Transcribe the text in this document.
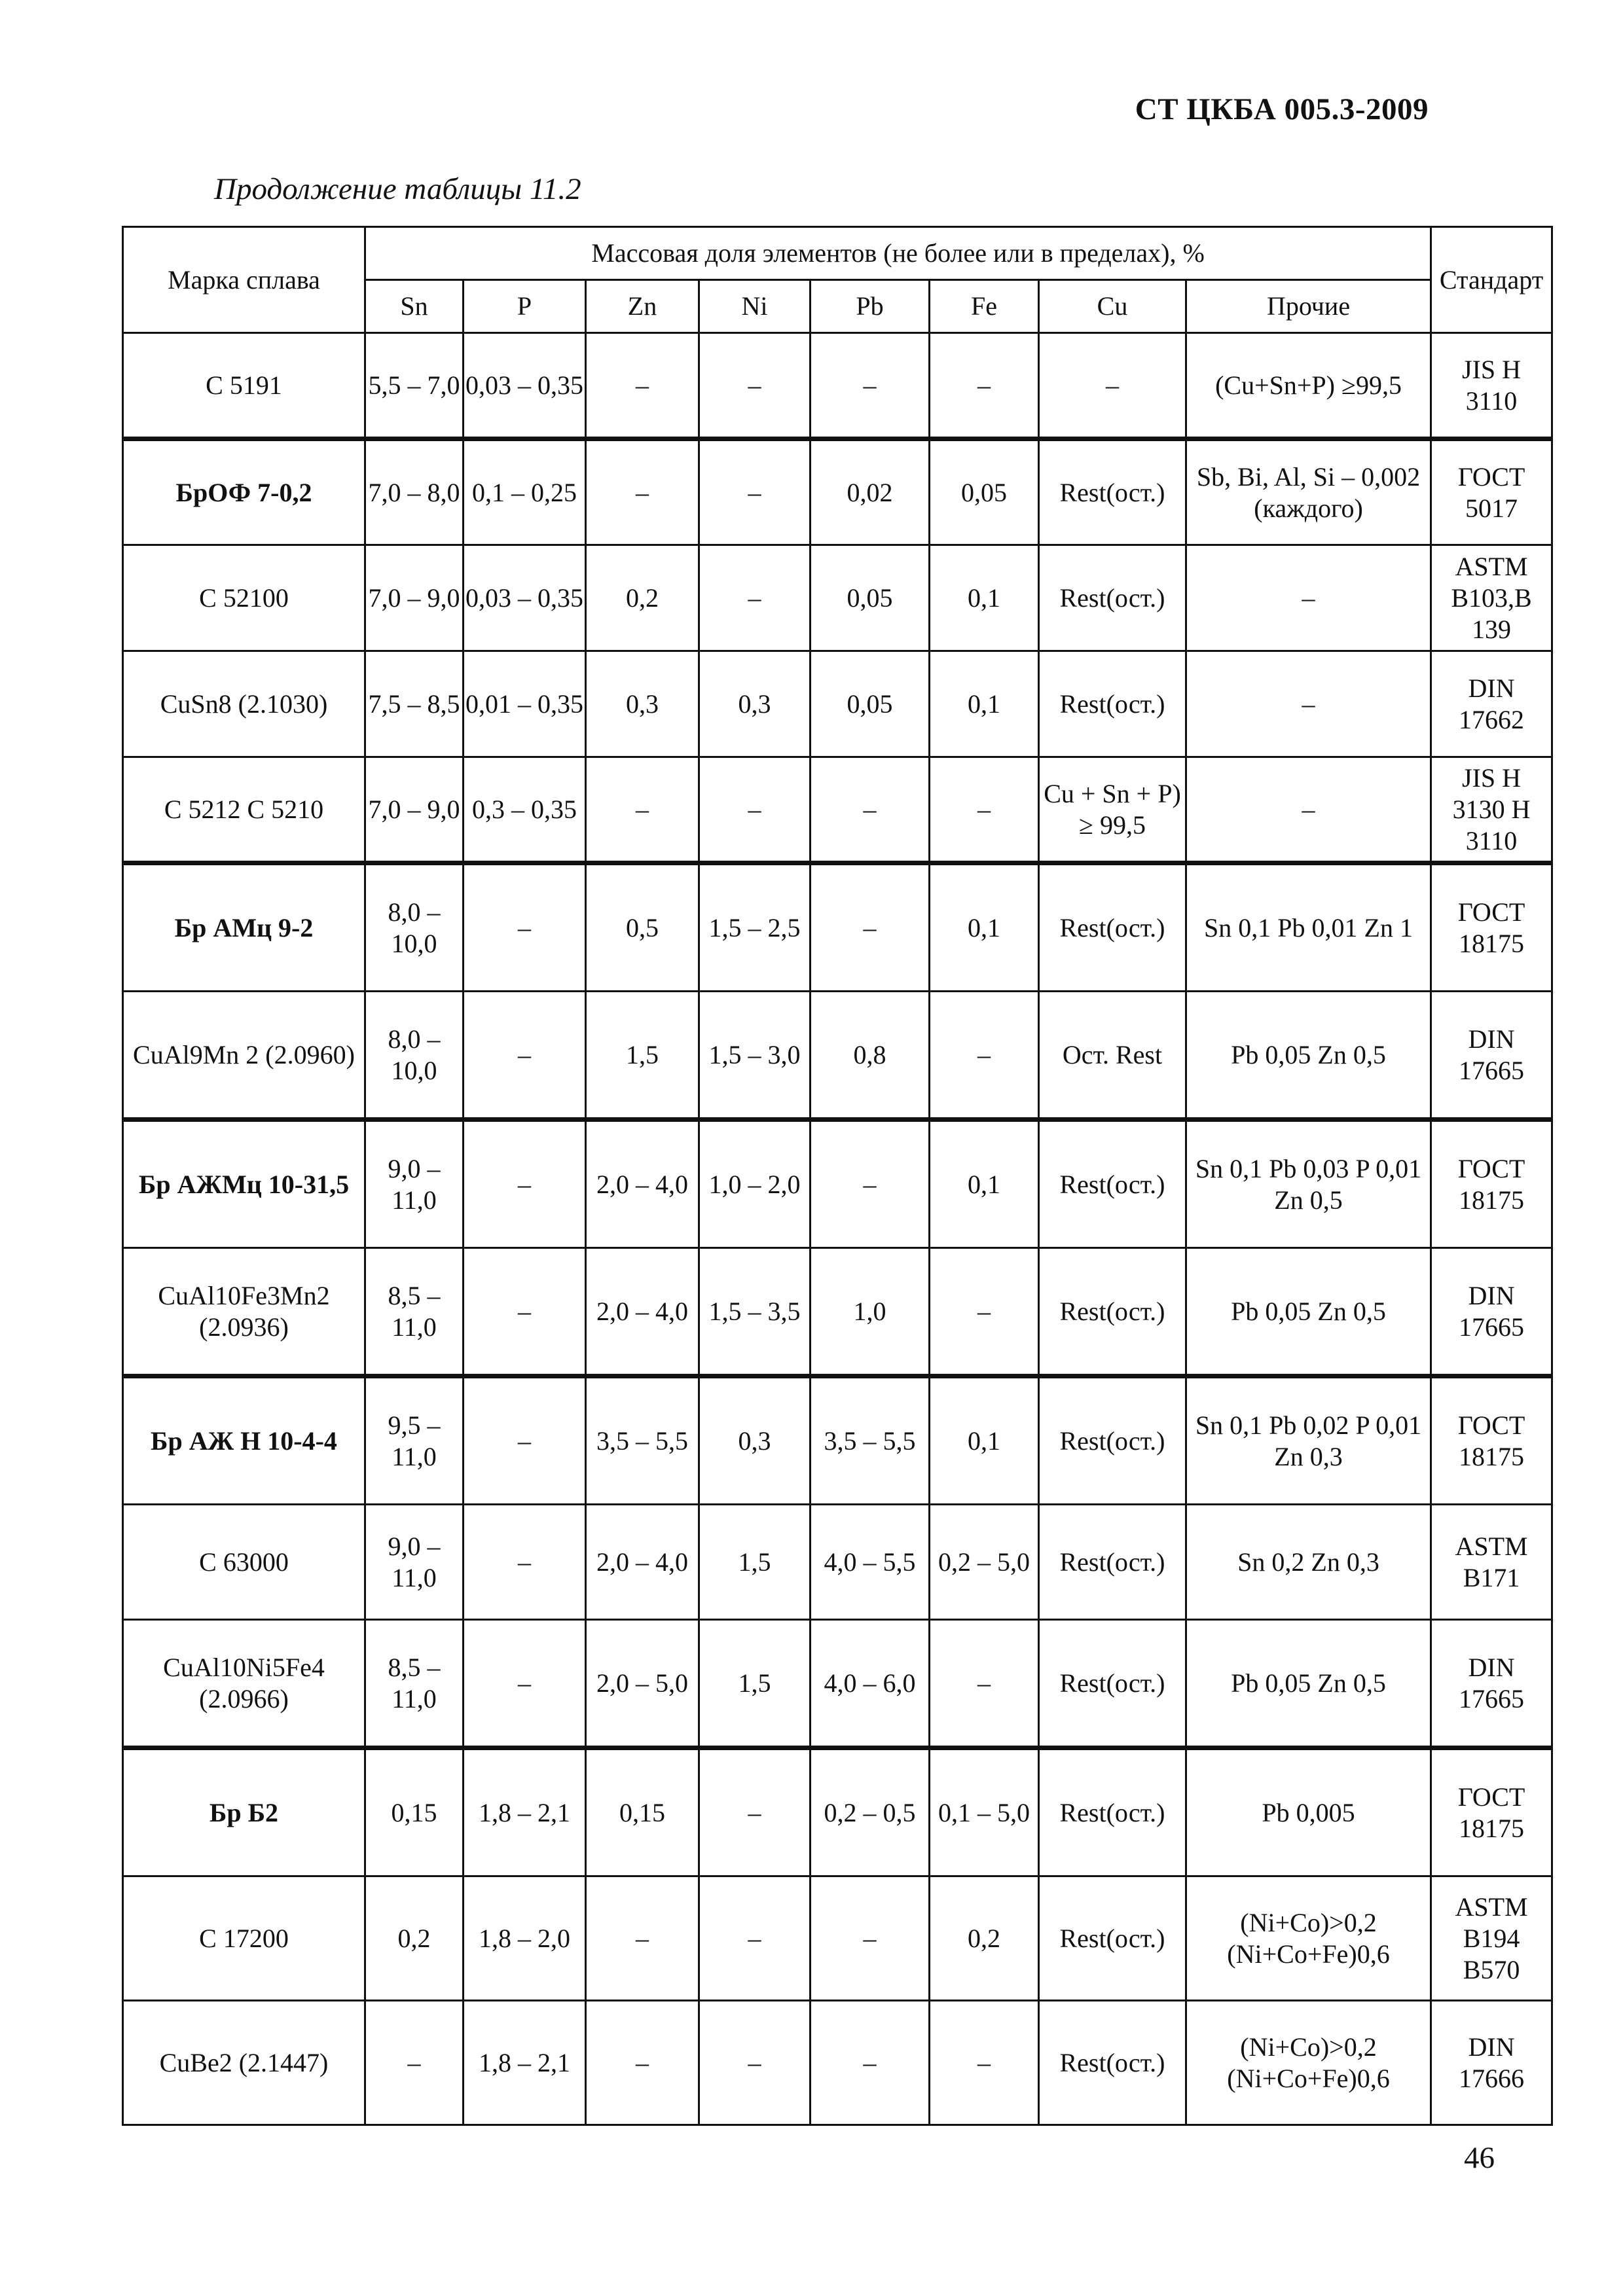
СТ ЦКБА 005.3-2009
Продолжение таблицы 11.2
Марка сплава	Массовая доля элементов (не более или в пределах), %								Стандарт
	Sn	P	Zn	Ni	Pb	Fe	Cu	Прочие	
С 5191	5,5 – 7,0	0,03 – 0,35	–	–	–	–	–	(Cu+Sn+P) ≥99,5	JIS H 3110
БрОФ 7-0,2	7,0 – 8,0	0,1 – 0,25	–	–	0,02	0,05	Rest(ост.)	Sb, Bi, Al, Si – 0,002 (каждого)	ГОСТ 5017
С 52100	7,0 – 9,0	0,03 – 0,35	0,2	–	0,05	0,1	Rest(ост.)	–	ASTM B103,B 139
CuSn8 (2.1030)	7,5 – 8,5	0,01 – 0,35	0,3	0,3	0,05	0,1	Rest(ост.)	–	DIN 17662
С 5212 С 5210	7,0 – 9,0	0,3 – 0,35	–	–	–	–	Cu + Sn + P) ≥ 99,5	–	JIS H 3130 H 3110
Бр АМц 9-2	8,0 – 10,0	–	0,5	1,5 – 2,5	–	0,1	Rest(ост.)	Sn 0,1 Pb 0,01 Zn 1	ГОСТ 18175
CuAl9Mn 2 (2.0960)	8,0 – 10,0	–	1,5	1,5 – 3,0	0,8	–	Ост. Rest	Pb 0,05 Zn 0,5	DIN 17665
Бр АЖМц 10-31,5	9,0 – 11,0	–	2,0 – 4,0	1,0 – 2,0	–	0,1	Rest(ост.)	Sn 0,1 Pb 0,03 P 0,01 Zn 0,5	ГОСТ 18175
CuAl10Fe3Mn2 (2.0936)	8,5 – 11,0	–	2,0 – 4,0	1,5 – 3,5	1,0	–	Rest(ост.)	Pb 0,05 Zn 0,5	DIN 17665
Бр АЖ Н 10-4-4	9,5 – 11,0	–	3,5 – 5,5	0,3	3,5 – 5,5	0,1	Rest(ост.)	Sn 0,1 Pb 0,02 P 0,01 Zn 0,3	ГОСТ 18175
С 63000	9,0 – 11,0	–	2,0 – 4,0	1,5	4,0 – 5,5	0,2 – 5,0	Rest(ост.)	Sn 0,2 Zn 0,3	ASTM B171
CuAl10Ni5Fe4 (2.0966)	8,5 – 11,0	–	2,0 – 5,0	1,5	4,0 – 6,0	–	Rest(ост.)	Pb 0,05 Zn 0,5	DIN 17665
Бр Б2	0,15	1,8 – 2,1	0,15	–	0,2 – 0,5	0,1 – 5,0	Rest(ост.)	Pb 0,005	ГОСТ 18175
С 17200	0,2	1,8 – 2,0	–	–	–	0,2	Rest(ост.)	(Ni+Co)>0,2 (Ni+Co+Fe)0,6	ASTM B194 B570
CuBe2 (2.1447)	–	1,8 – 2,1	–	–	–	–	Rest(ост.)	(Ni+Co)>0,2 (Ni+Co+Fe)0,6	DIN 17666
46
